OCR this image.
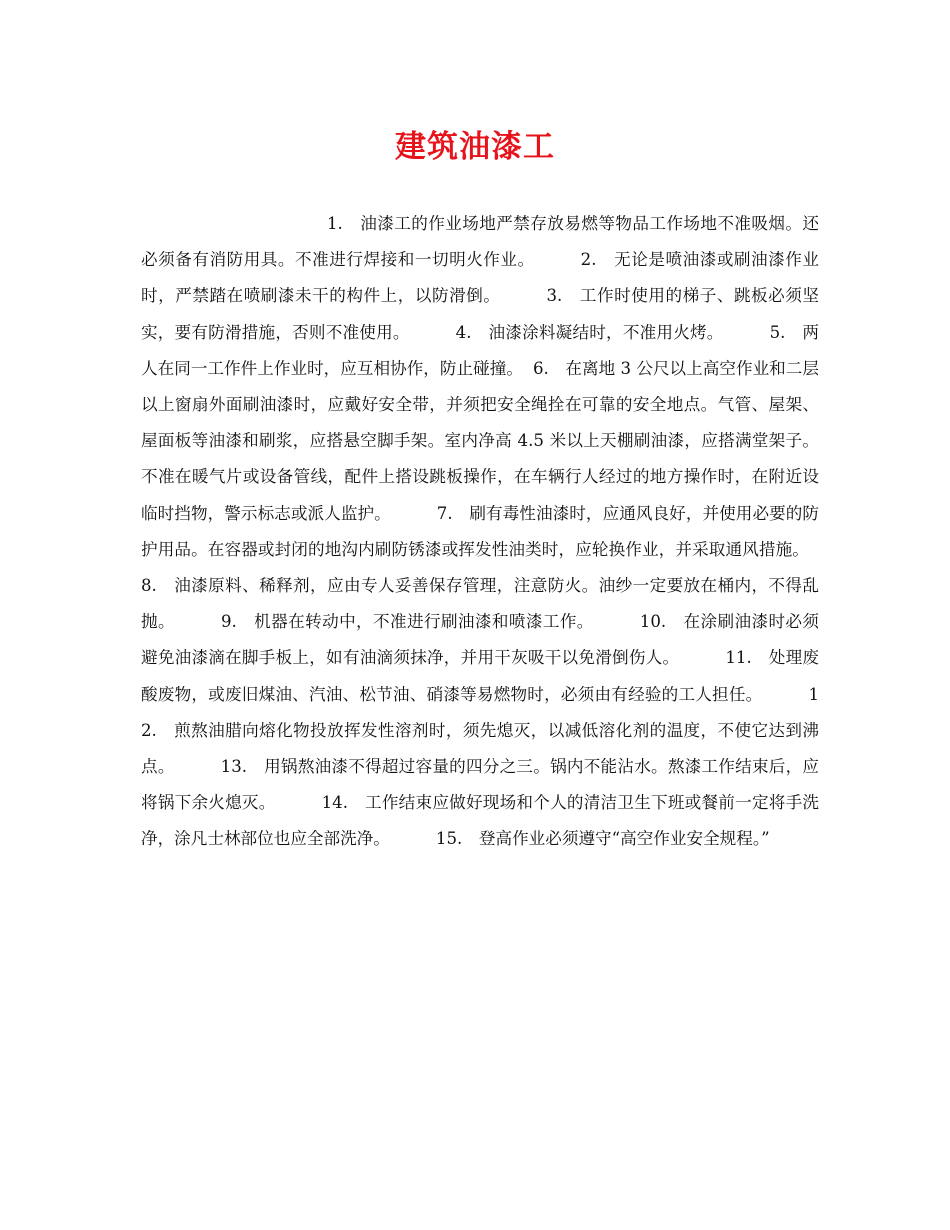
建筑油漆工
1.　油漆工的作业场地严禁存放易燃等物品工作场地不准吸烟。还必须备有消防用具。不准进行焊接和一切明火作业。	2.　无论是喷油漆或刷油漆作业时，严禁踏在喷刷漆未干的构件上，以防滑倒。	3.　工作时使用的梯子、跳板必须坚实，要有防滑措施，否则不准使用。	4.　油漆涂料凝结时，不准用火烤。	5.　两人在同一工作件上作业时，应互相协作，防止碰撞。 6.　在离地 3 公尺以上高空作业和二层以上窗扇外面刷油漆时，应戴好安全带，并须把安全绳拴在可靠的安全地点。气管、屋架、屋面板等油漆和刷浆，应搭悬空脚手架。室内净高 4.5 米以上天棚刷油漆，应搭满堂架子。不准在暖气片或设备管线，配件上搭设跳板操作，在车辆行人经过的地方操作时，在附近设临时挡物，警示标志或派人监护。	7.　刷有毒性油漆时，应通风良好，并使用必要的防护用品。在容器或封闭的地沟内刷防锈漆或挥发性油类时，应轮换作业，并采取通风措施。8.　油漆原料、稀释剂，应由专人妥善保存管理，注意防火。油纱一定要放在桶内，不得乱抛。	9.　机器在转动中，不准进行刷油漆和喷漆工作。	10.　在涂刷油漆时必须避免油漆滴在脚手板上，如有油滴须抹净，并用干灰吸干以免滑倒伤人。	11.　处理废酸废物，或废旧煤油、汽油、松节油、硝漆等易燃物时，必须由有经验的工人担任。	12.　煎熬油腊向熔化物投放挥发性溶剂时，须先熄灭，以减低溶化剂的温度，不使它达到沸点。	13.　用锅熬油漆不得超过容量的四分之三。锅内不能沾水。熬漆工作结束后，应将锅下余火熄灭。	14.　工作结束应做好现场和个人的清洁卫生下班或餐前一定将手洗净，涂凡士林部位也应全部洗净。	15.　登高作业必须遵守“高空作业安全规程。”
